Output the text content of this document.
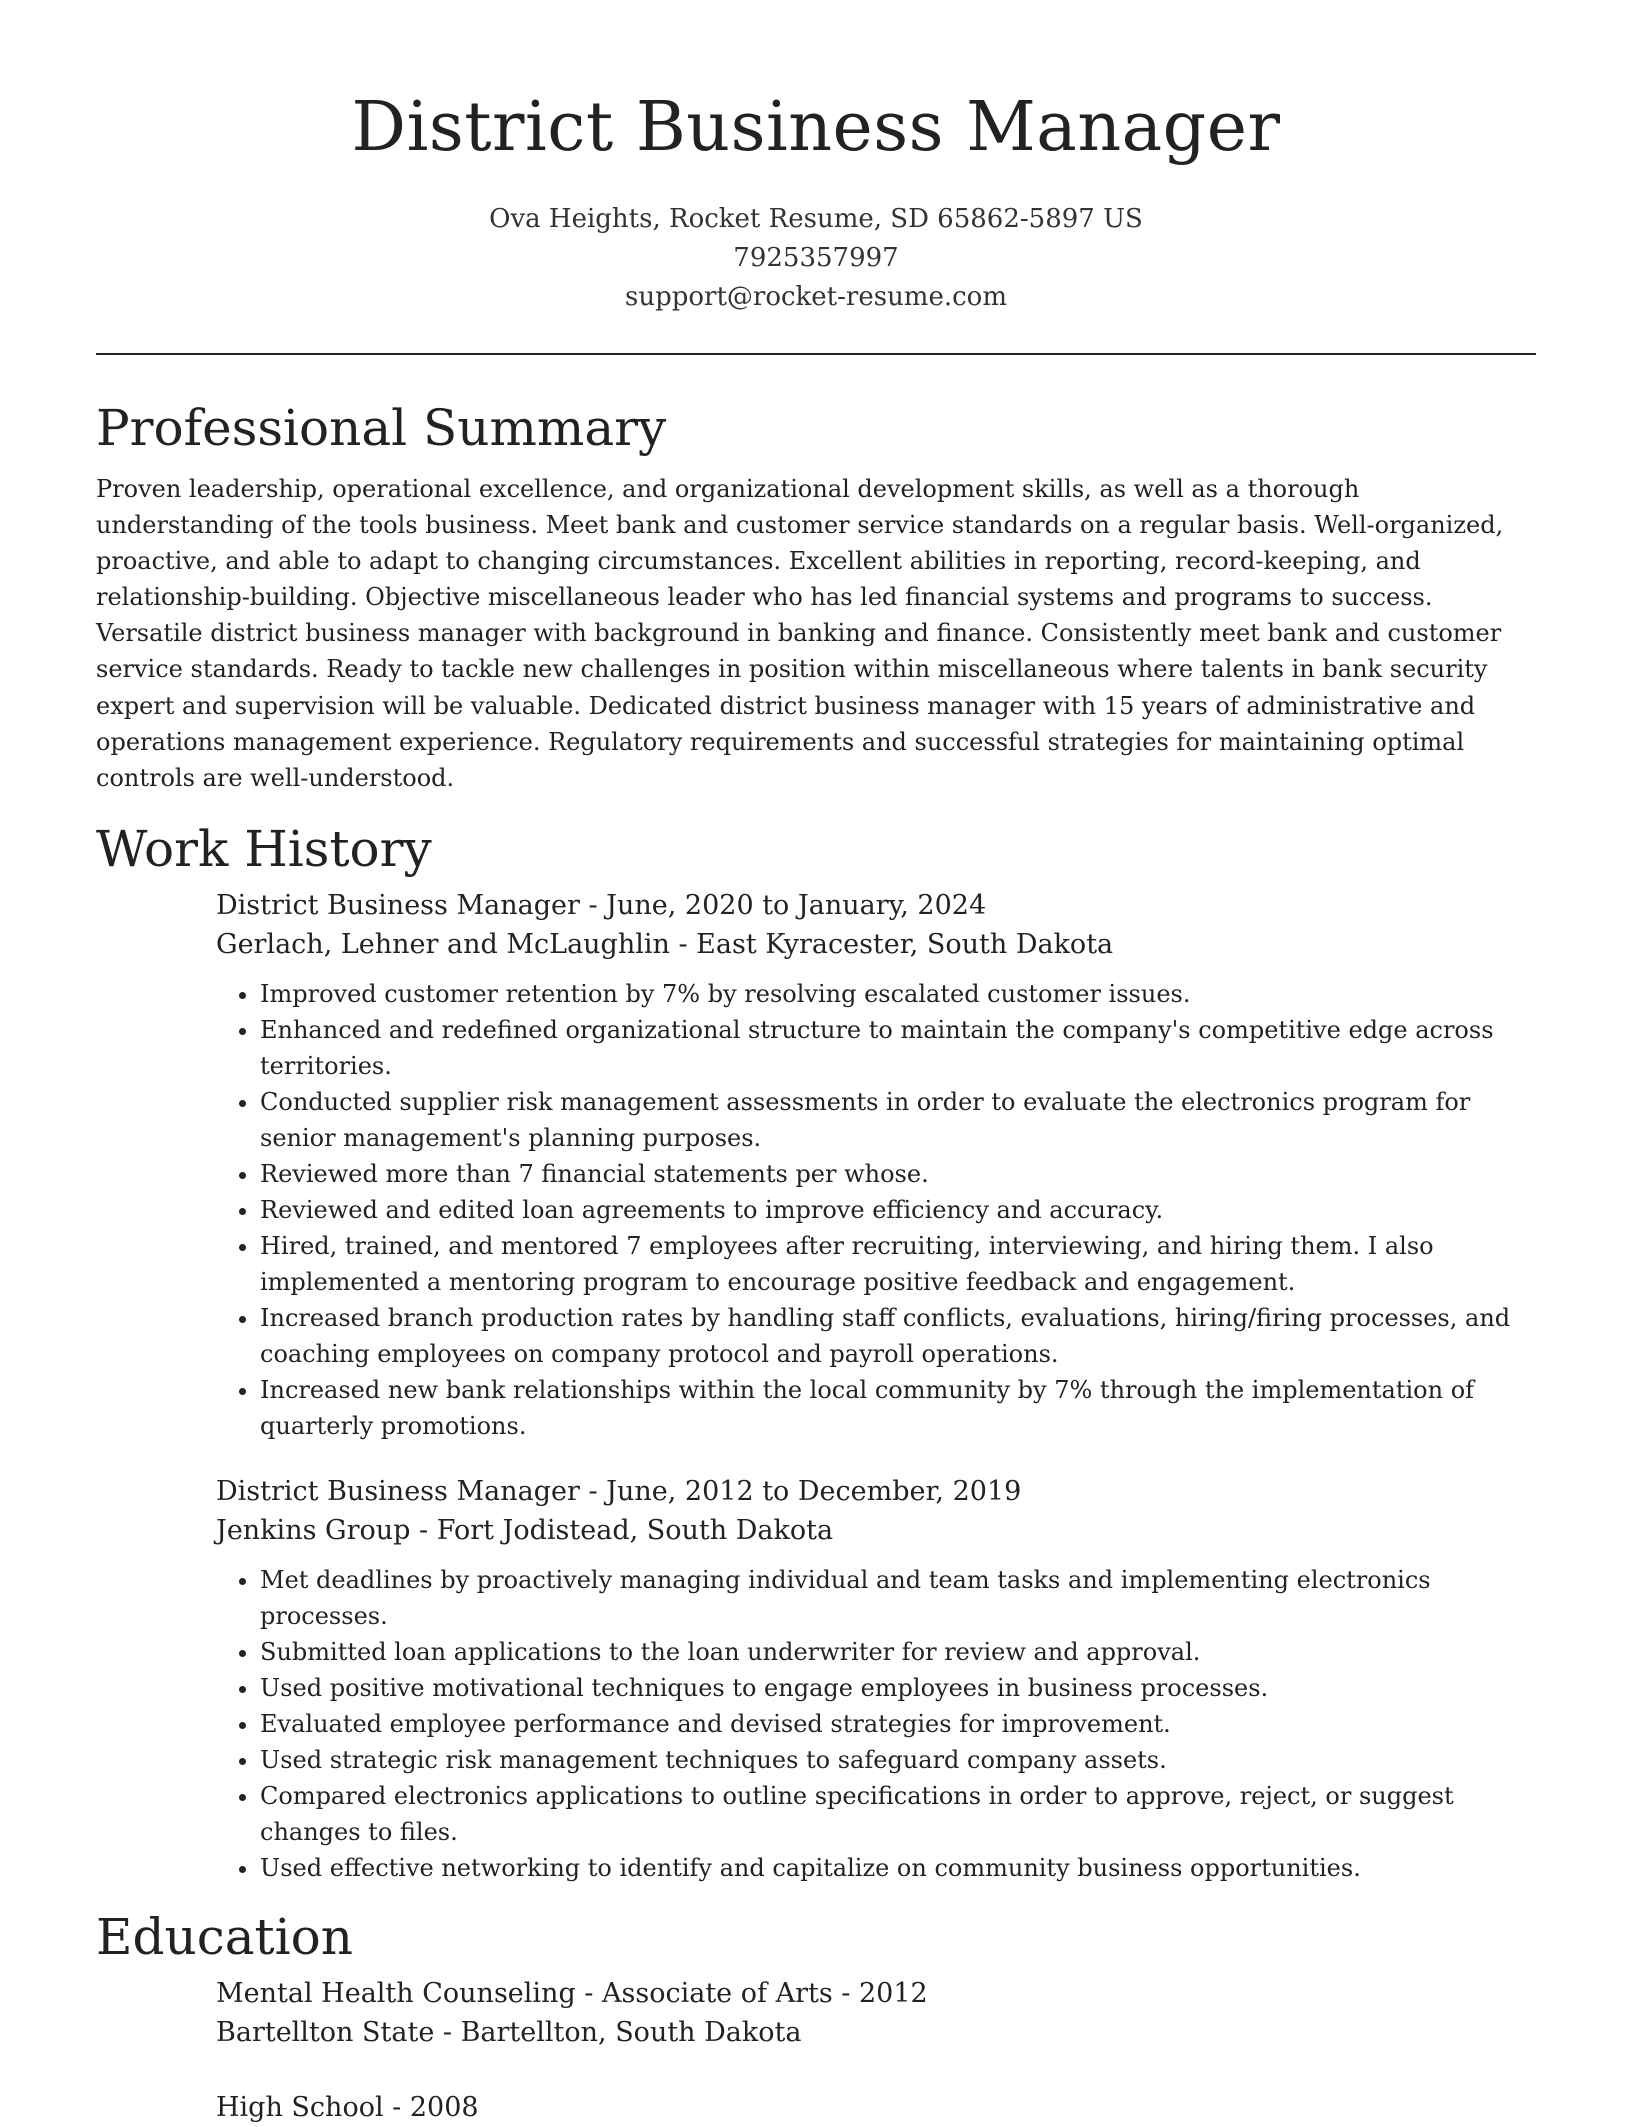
District Business Manager
Ova Heights, Rocket Resume, SD 65862-5897 US
7925357997
support@rocket-resume.com
Professional Summary

Proven leadership, operational excellence, and organizational development skills, as well as a thorough understanding of the tools business. Meet bank and customer service standards on a regular basis. Well-organized, proactive, and able to adapt to changing circumstances. Excellent abilities in reporting, record-keeping, and relationship-building. Objective miscellaneous leader who has led financial systems and programs to success. Versatile district business manager with background in banking and finance. Consistently meet bank and customer service standards. Ready to tackle new challenges in position within miscellaneous where talents in bank security expert and supervision will be valuable. Dedicated district business manager with 15 years of administrative and operations management experience. Regulatory requirements and successful strategies for maintaining optimal controls are well-understood.

Work History
District Business Manager - June, 2020 to January, 2024
Gerlach, Lehner and McLaughlin - East Kyracester, South Dakota
• Improved customer retention by 7% by resolving escalated customer issues.
• Enhanced and redefined organizational structure to maintain the company's competitive edge across territories.
• Conducted supplier risk management assessments in order to evaluate the electronics program for senior management's planning purposes.
• Reviewed more than 7 financial statements per whose.
• Reviewed and edited loan agreements to improve efficiency and accuracy.
• Hired, trained, and mentored 7 employees after recruiting, interviewing, and hiring them. I also implemented a mentoring program to encourage positive feedback and engagement.
• Increased branch production rates by handling staff conflicts, evaluations, hiring/firing processes, and coaching employees on company protocol and payroll operations.
• Increased new bank relationships within the local community by 7% through the implementation of quarterly promotions.
District Business Manager - June, 2012 to December, 2019
Jenkins Group - Fort Jodistead, South Dakota
• Met deadlines by proactively managing individual and team tasks and implementing electronics processes.
• Submitted loan applications to the loan underwriter for review and approval.
• Used positive motivational techniques to engage employees in business processes.
• Evaluated employee performance and devised strategies for improvement.
• Used strategic risk management techniques to safeguard company assets.
• Compared electronics applications to outline specifications in order to approve, reject, or suggest changes to files.
• Used effective networking to identify and capitalize on community business opportunities.
Education
Mental Health Counseling - Associate of Arts - 2012
Bartellton State - Bartellton, South Dakota
High School - 2008
